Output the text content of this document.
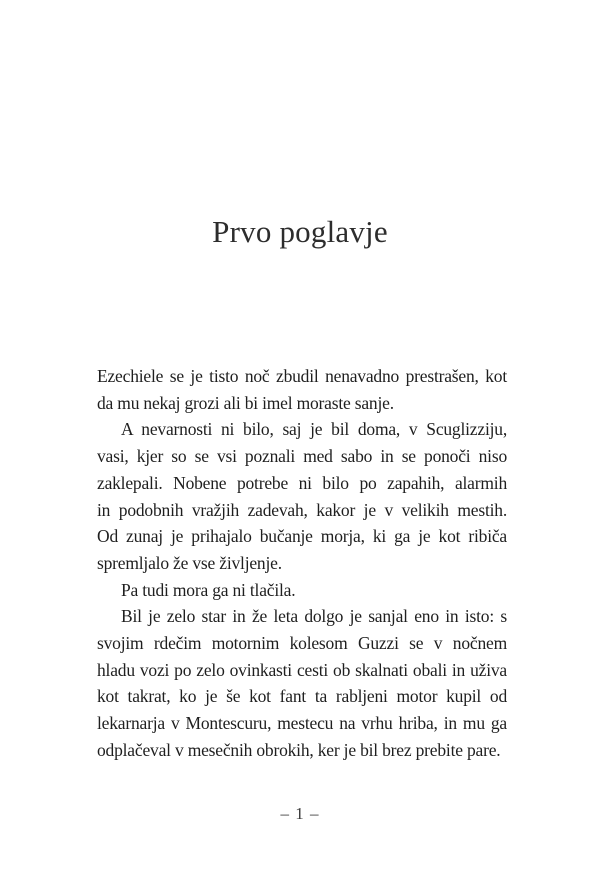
Prvo poglavje
Ezechiele se je tisto noč zbudil nenavadno prestrašen, kot
da mu nekaj grozi ali bi imel moraste sanje.
A nevarnosti ni bilo, saj je bil doma, v Scuglizziju,
vasi, kjer so se vsi poznali med sabo in se ponoči niso
zaklepali. Nobene potrebe ni bilo po zapahih, alarmih
in podobnih vražjih zadevah, kakor je v velikih mestih.
Od zunaj je prihajalo bučanje morja, ki ga je kot ribiča
spremljalo že vse življenje.
Pa tudi mora ga ni tlačila.
Bil je zelo star in že leta dolgo je sanjal eno in isto: s
svojim rdečim motornim kolesom Guzzi se v nočnem
hladu vozi po zelo ovinkasti cesti ob skalnati obali in uživa
kot takrat, ko je še kot fant ta rabljeni motor kupil od
lekarnarja v Montescuru, mestecu na vrhu hriba, in mu ga
odplačeval v mesečnih obrokih, ker je bil brez prebite pare.
– 1 –
